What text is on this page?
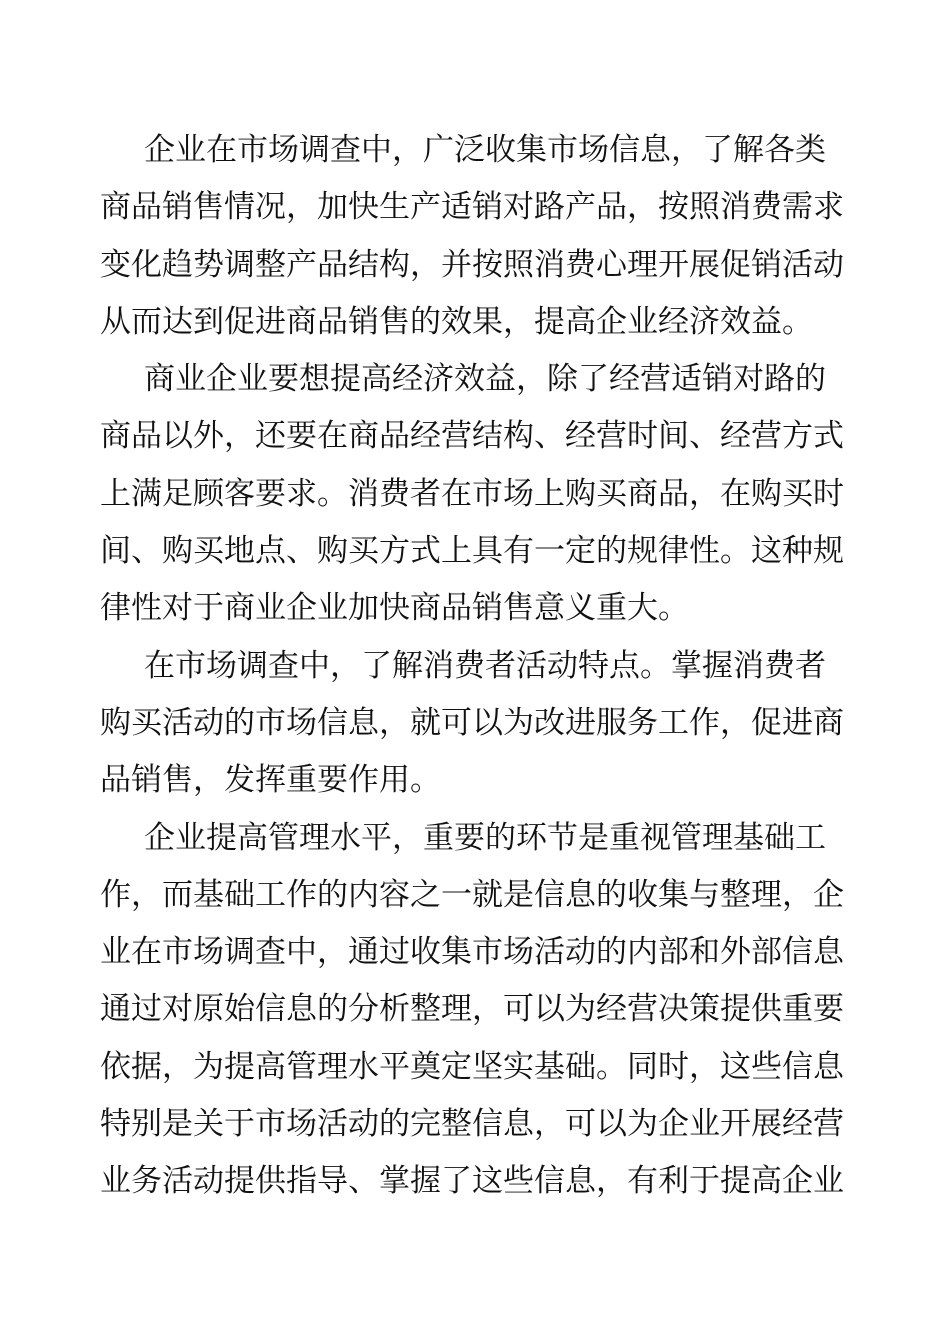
企业在市场调查中，广泛收集市场信息，了解各类
商品销售情况，加快生产适销对路产品，按照消费需求
变化趋势调整产品结构，并按照消费心理开展促销活动
从而达到促进商品销售的效果，提高企业经济效益。
商业企业要想提高经济效益，除了经营适销对路的
商品以外，还要在商品经营结构、经营时间、经营方式
上满足顾客要求。消费者在市场上购买商品，在购买时
间、购买地点、购买方式上具有一定的规律性。这种规
律性对于商业企业加快商品销售意义重大。
在市场调查中，了解消费者活动特点。掌握消费者
购买活动的市场信息，就可以为改进服务工作，促进商
品销售，发挥重要作用。
企业提高管理水平，重要的环节是重视管理基础工
作，而基础工作的内容之一就是信息的收集与整理，企
业在市场调查中，通过收集市场活动的内部和外部信息
通过对原始信息的分析整理，可以为经营决策提供重要
依据，为提高管理水平奠定坚实基础。同时，这些信息
特别是关于市场活动的完整信息，可以为企业开展经营
业务活动提供指导、掌握了这些信息，有利于提高企业
